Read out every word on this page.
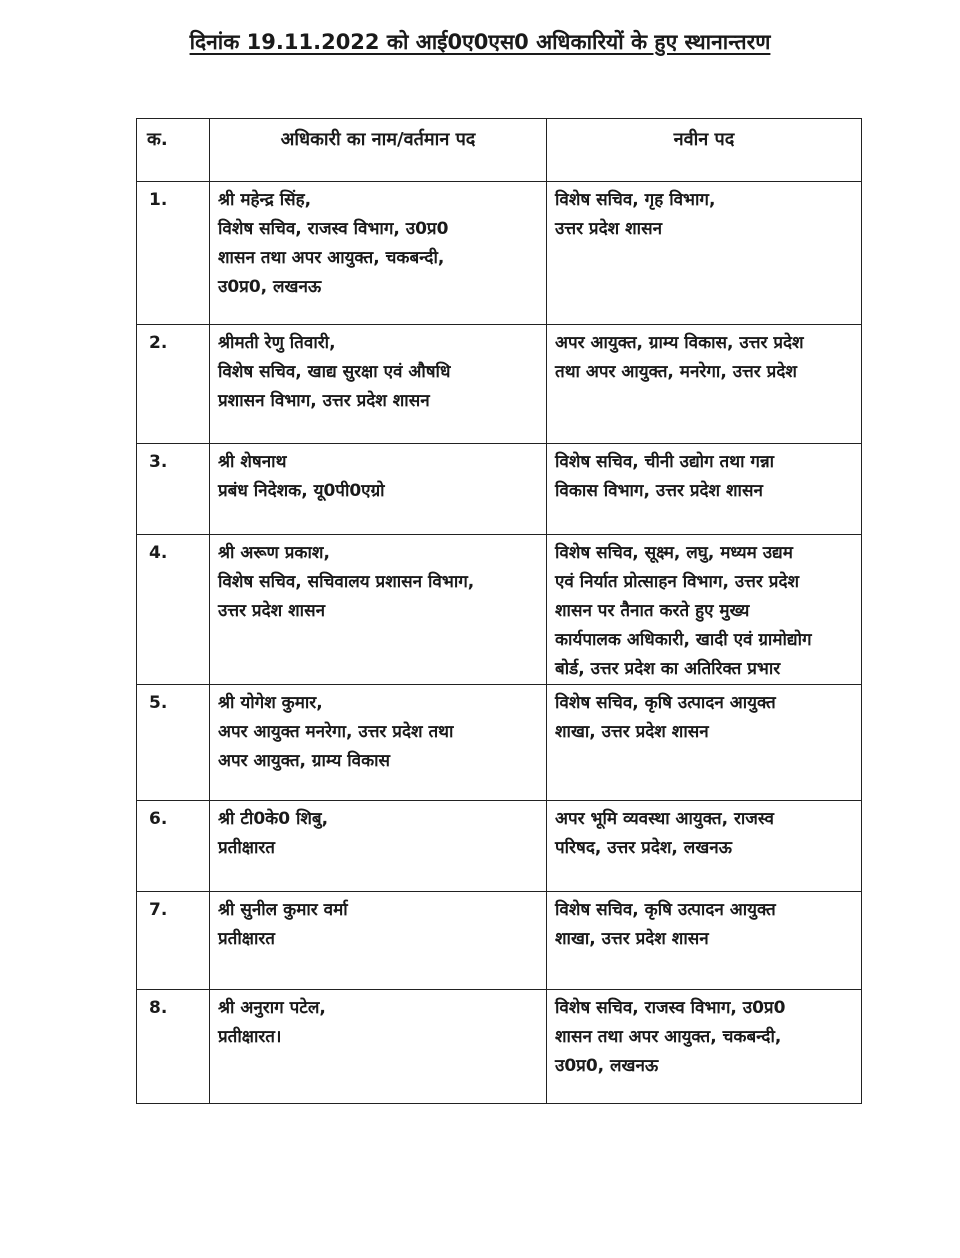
दिनांक 19.11.2022 को आई0ए0एस0 अधिकारियों के हुए स्थानान्तरण
क.	अधिकारी का नाम/वर्तमान पद	नवीन पद
1.	श्री महेन्द्र सिंह,
विशेष सचिव, राजस्व विभाग, उ0प्र0
शासन तथा अपर आयुक्त, चकबन्दी,
उ0प्र0, लखनऊ	विशेष सचिव, गृह विभाग,
उत्तर प्रदेश शासन

2.	श्रीमती रेणु तिवारी,
विशेष सचिव, खाद्य सुरक्षा एवं औषधि
प्रशासन विभाग, उत्तर प्रदेश शासन	अपर आयुक्त, ग्राम्य विकास, उत्तर प्रदेश
तथा अपर आयुक्त, मनरेगा, उत्तर प्रदेश

3.	श्री शेषनाथ
प्रबंध निदेशक, यू0पी0एग्रो	विशेष सचिव, चीनी उद्योग तथा गन्ना
विकास विभाग, उत्तर प्रदेश शासन

4.	श्री अरूण प्रकाश,
विशेष सचिव, सचिवालय प्रशासन विभाग,
उत्तर प्रदेश शासन	विशेष सचिव, सूक्ष्म, लघु, मध्यम उद्यम
एवं निर्यात प्रोत्साहन विभाग, उत्तर प्रदेश
शासन पर तैनात करते हुए मुख्य
कार्यपालक अधिकारी, खादी एवं ग्रामोद्योग
बोर्ड, उत्तर प्रदेश का अतिरिक्त प्रभार

5.	श्री योगेश कुमार,
अपर आयुक्त मनरेगा, उत्तर प्रदेश तथा
अपर आयुक्त, ग्राम्य विकास	विशेष सचिव, कृषि उत्पादन आयुक्त
शाखा, उत्तर प्रदेश शासन

6.	श्री टी0के0 शिबु,
प्रतीक्षारत	अपर भूमि व्यवस्था आयुक्त, राजस्व
परिषद, उत्तर प्रदेश, लखनऊ

7.	श्री सुनील कुमार वर्मा
प्रतीक्षारत	विशेष सचिव, कृषि उत्पादन आयुक्त
शाखा, उत्तर प्रदेश शासन

8.	श्री अनुराग पटेल,
प्रतीक्षारत।	विशेष सचिव, राजस्व विभाग, उ0प्र0
शासन तथा अपर आयुक्त, चकबन्दी,
उ0प्र0, लखनऊ
